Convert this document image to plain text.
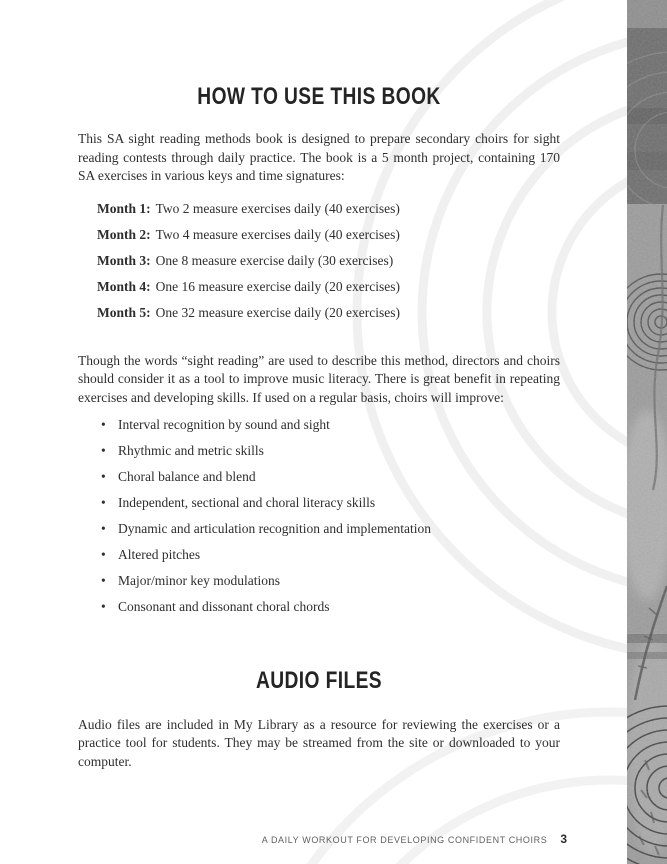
HOW TO USE THIS BOOK

This SA sight reading methods book is designed to prepare secondary choirs for sight reading contests through daily practice. The book is a 5 month project, containing 170 SA exercises in various keys and time signatures:

Month 1: Two 2 measure exercises daily (40 exercises)
Month 2: Two 4 measure exercises daily (40 exercises)
Month 3: One 8 measure exercise daily (30 exercises)
Month 4: One 16 measure exercise daily (20 exercises)
Month 5: One 32 measure exercise daily (20 exercises)

Though the words “sight reading” are used to describe this method, directors and choirs should consider it as a tool to improve music literacy. There is great benefit in repeating exercises and developing skills. If used on a regular basis, choirs will improve:

• Interval recognition by sound and sight
• Rhythmic and metric skills
• Choral balance and blend
• Independent, sectional and choral literacy skills
• Dynamic and articulation recognition and implementation
• Altered pitches
• Major/minor key modulations
• Consonant and dissonant choral chords
AUDIO FILES

Audio files are included in My Library as a resource for reviewing the exercises or a practice tool for students. They may be streamed from the site or downloaded to your computer.

A DAILY WORKOUT FOR DEVELOPING CONFIDENT CHOIRS 3
